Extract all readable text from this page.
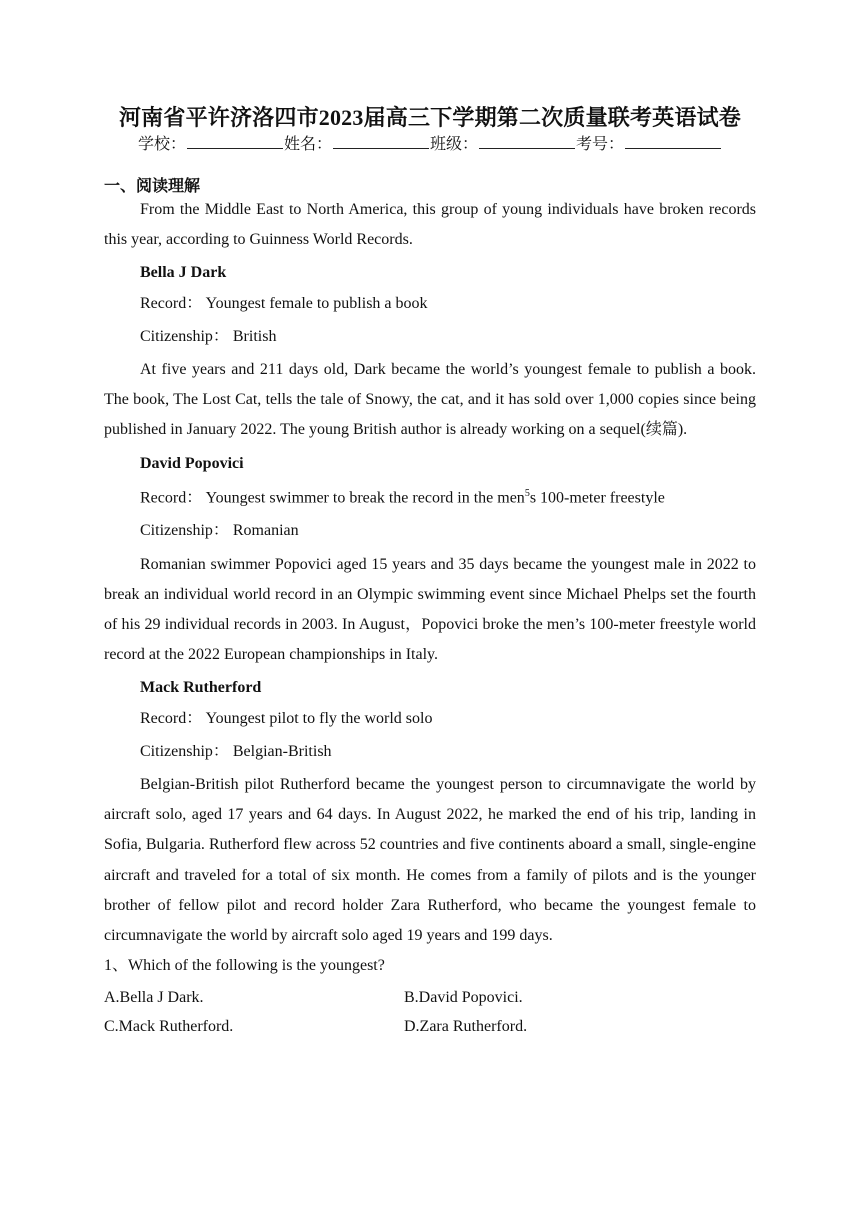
河南省平许济洛四市2023届高三下学期第二次质量联考英语试卷
学校：	姓名：	班级：	考号：
一、阅读理解

From the Middle East to North America, this group of young individuals have broken records this year, according to Guinness World Records.

Bella J Dark
Record： Youngest female to publish a book
Citizenship： British

At five years and 211 days old, Dark became the world’s youngest female to publish a book. The book, The Lost Cat, tells the tale of Snowy, the cat, and it has sold over 1,000 copies since being published in January 2022. The young British author is already working on a sequel(续篇).

David Popovici
Record： Youngest swimmer to break the record in the men$^5$s 100-meter freestyle
Citizenship： Romanian

Romanian swimmer Popovici aged 15 years and 35 days became the youngest male in 2022 to break an individual world record in an Olympic swimming event since Michael Phelps set the fourth of his 29 individual records in 2003. In August，Popovici broke the men’s 100-meter freestyle world record at the 2022 European championships in Italy.

Mack Rutherford
Record： Youngest pilot to fly the world solo
Citizenship： Belgian-British

Belgian-British pilot Rutherford became the youngest person to circumnavigate the world by aircraft solo, aged 17 years and 64 days. In August 2022, he marked the end of his trip, landing in Sofia, Bulgaria. Rutherford flew across 52 countries and five continents aboard a small, single-engine aircraft and traveled for a total of six month. He comes from a family of pilots and is the younger brother of fellow pilot and record holder Zara Rutherford, who became the youngest female to circumnavigate the world by aircraft solo aged 19 years and 199 days.

1、Which of the following is the youngest?
A.Bella J Dark.	B.David Popovici.
C.Mack Rutherford.	D.Zara Rutherford.
